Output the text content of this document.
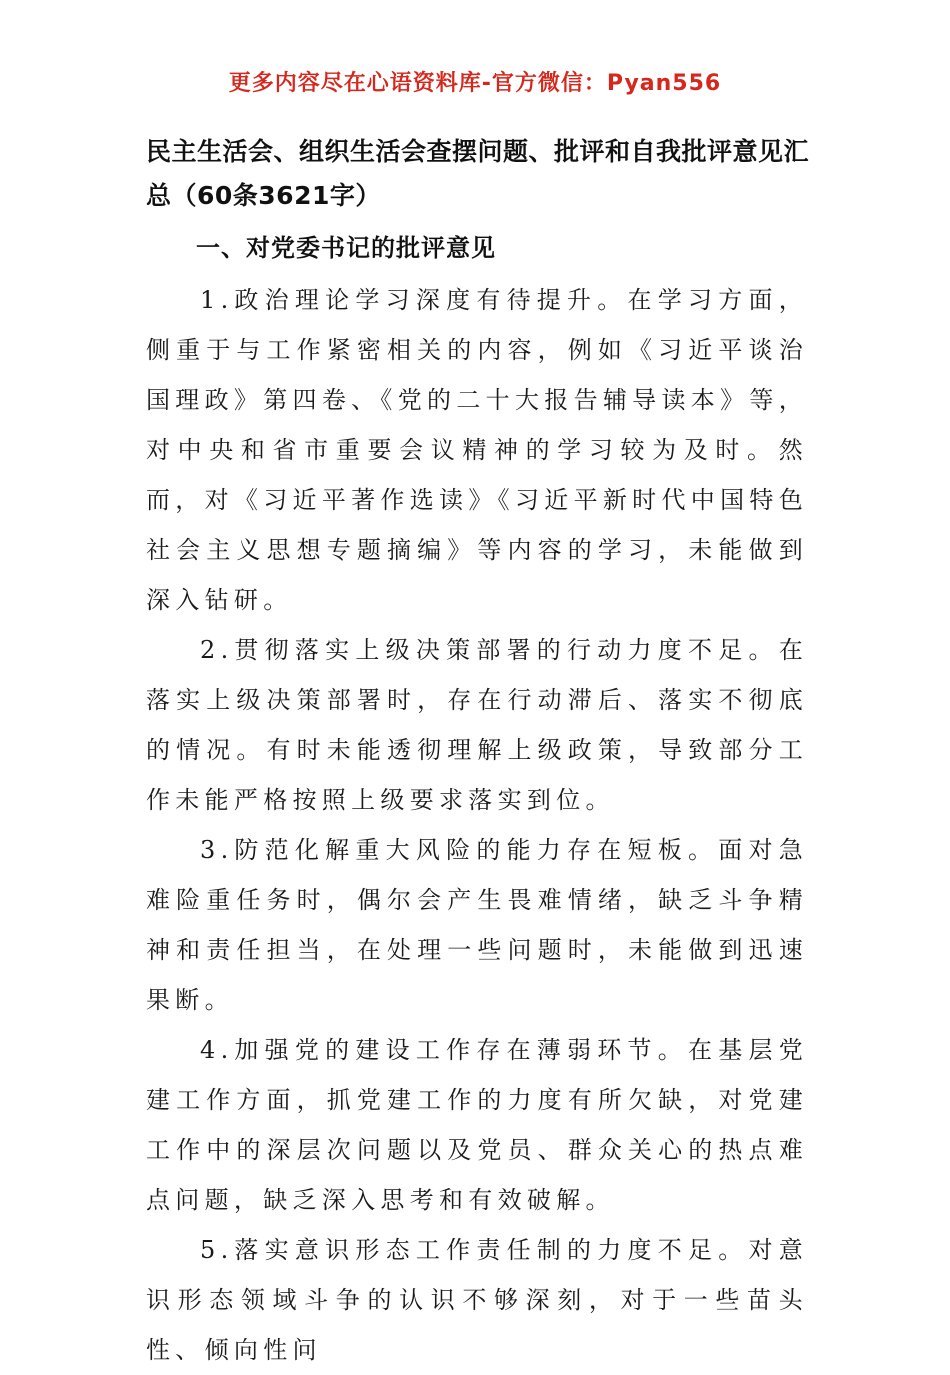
更多内容尽在心语资料库-官方微信：Pyan556
民主生活会、组织生活会查摆问题、批评和自我批评意见汇总（60条3621字）
一、对党委书记的批评意见

1.政治理论学习深度有待提升。在学习方面，侧重于与工作紧密相关的内容，例如《习近平谈治国理政》第四卷、《党的二十大报告辅导读本》等，对中央和省市重要会议精神的学习较为及时。然而，对《习近平著作选读》《习近平新时代中国特色社会主义思想专题摘编》等内容的学习，未能做到深入钻研。

2.贯彻落实上级决策部署的行动力度不足。在落实上级决策部署时，存在行动滞后、落实不彻底的情况。有时未能透彻理解上级政策，导致部分工作未能严格按照上级要求落实到位。

3.防范化解重大风险的能力存在短板。面对急难险重任务时，偶尔会产生畏难情绪，缺乏斗争精神和责任担当，在处理一些问题时，未能做到迅速果断。

4.加强党的建设工作存在薄弱环节。在基层党建工作方面，抓党建工作的力度有所欠缺，对党建工作中的深层次问题以及党员、群众关心的热点难点问题，缺乏深入思考和有效破解。

5.落实意识形态工作责任制的力度不足。对意识形态领域斗争的认识不够深刻，对于一些苗头性、倾向性问
